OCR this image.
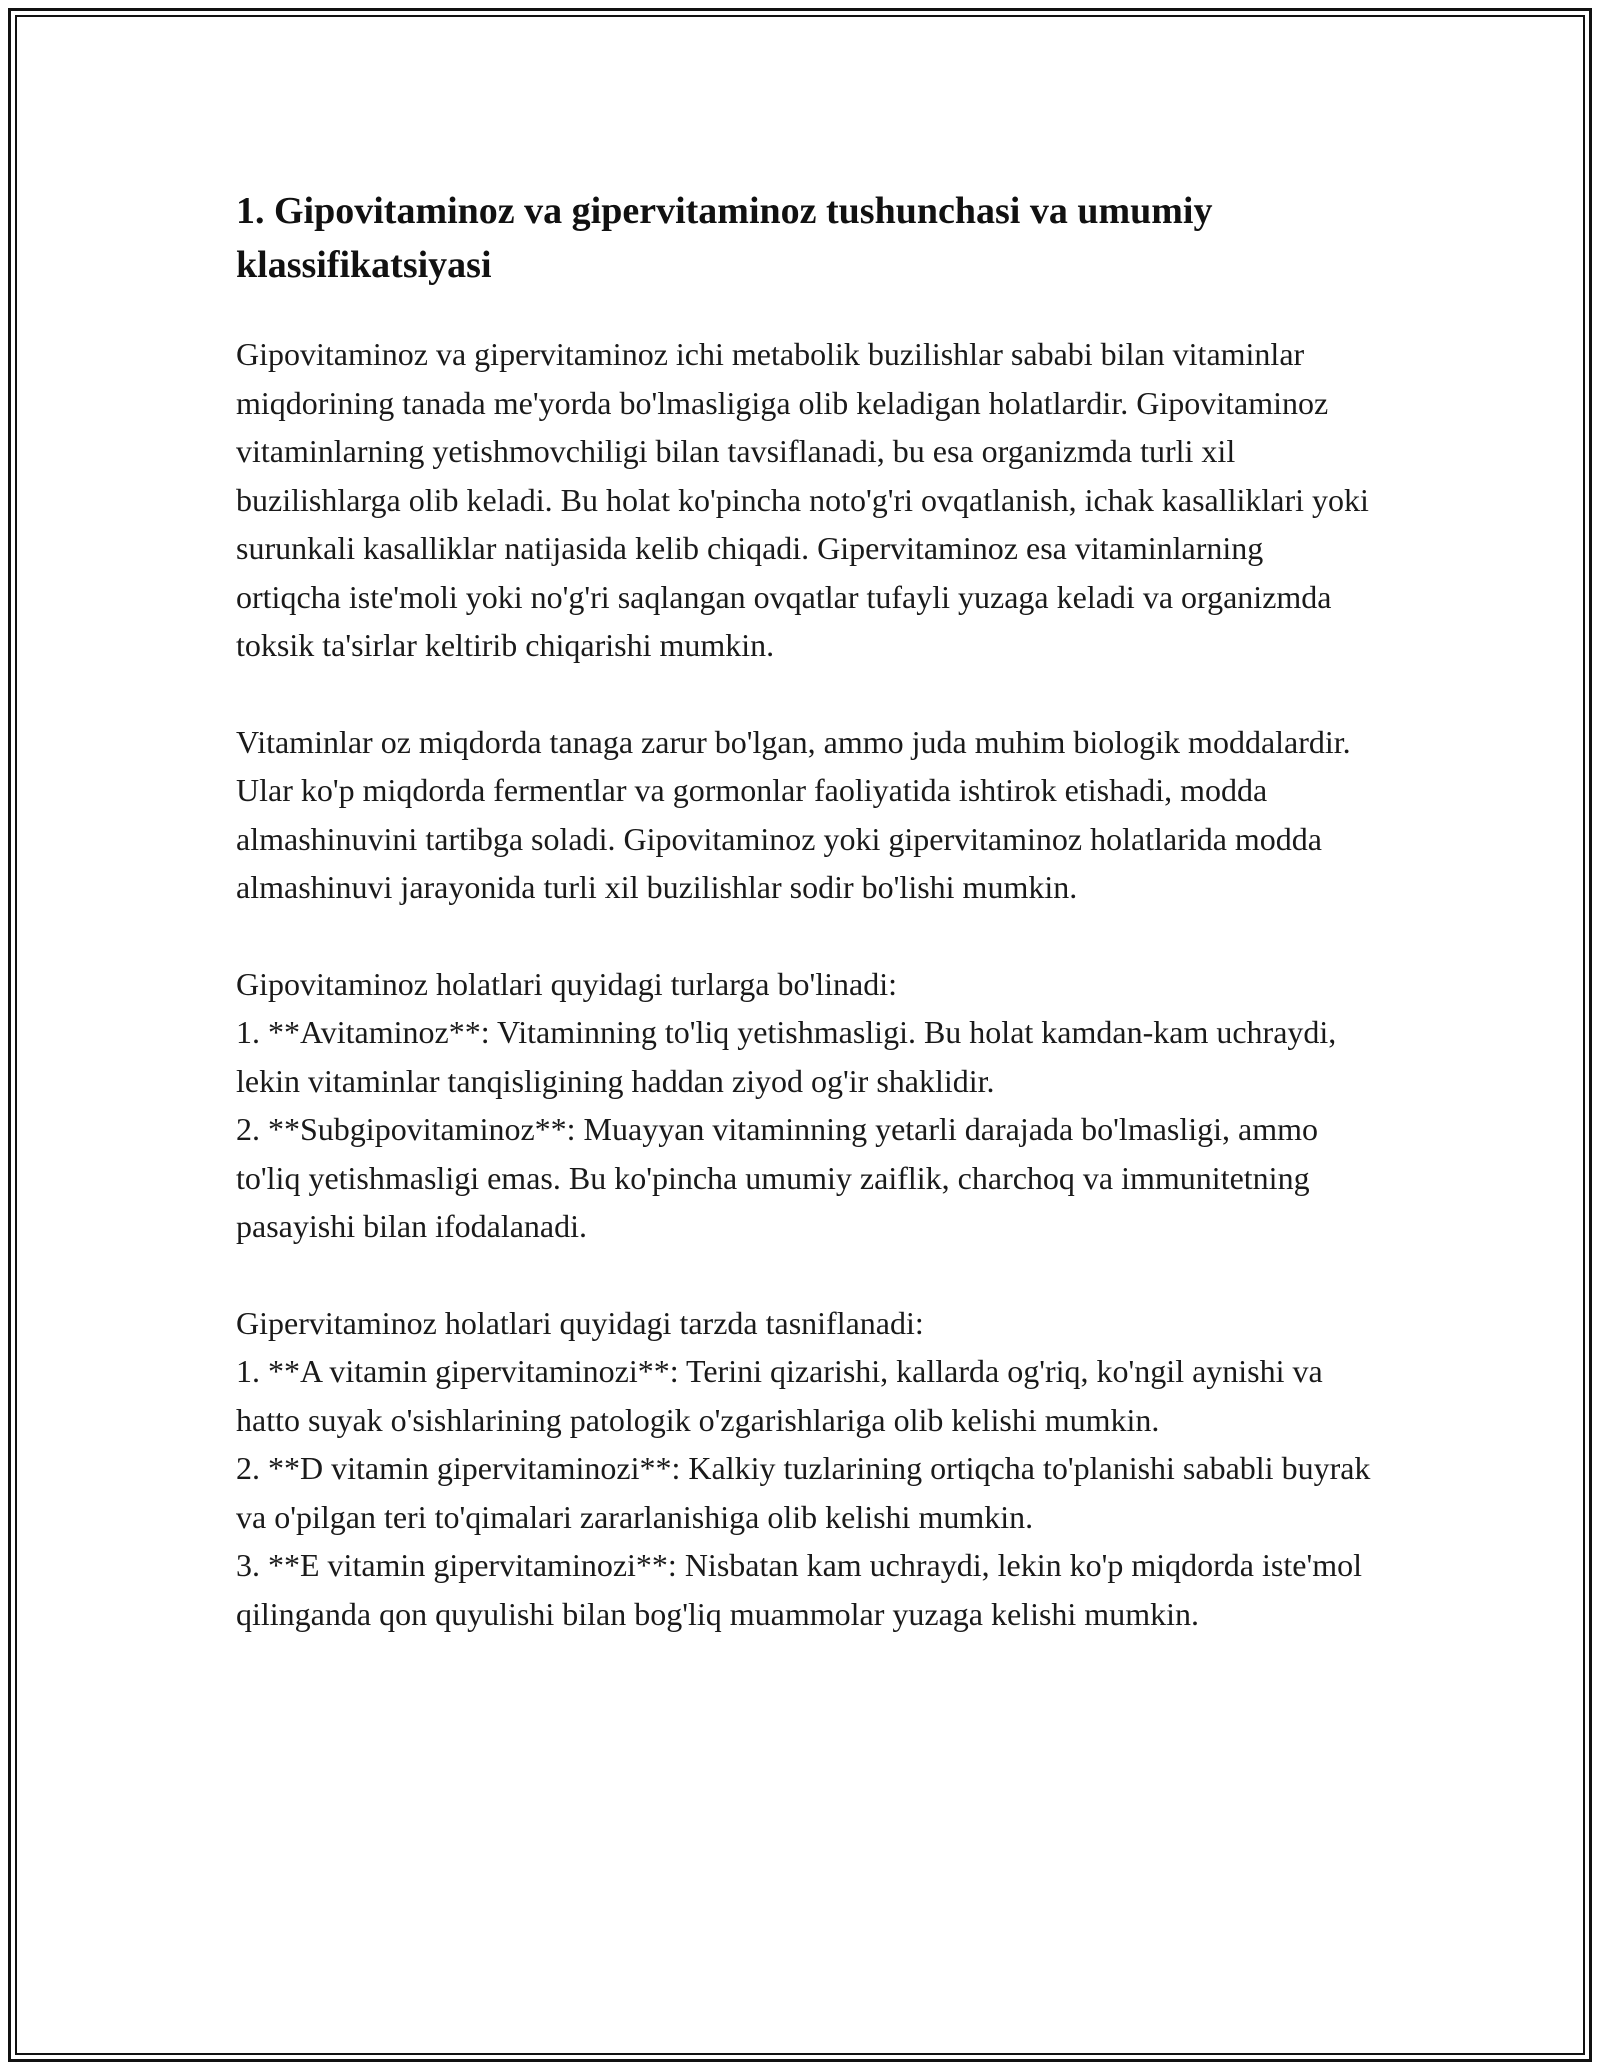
1. Gipovitaminoz va gipervitaminoz tushunchasi va umumiy klassifikatsiyasi

Gipovitaminoz va gipervitaminoz ichi metabolik buzilishlar sababi bilan vitaminlar miqdorining tanada me'yorda bo'lmasligiga olib keladigan holatlardir. Gipovitaminoz vitaminlarning yetishmovchiligi bilan tavsiflanadi, bu esa organizmda turli xil buzilishlarga olib keladi. Bu holat ko'pincha noto'g'ri ovqatlanish, ichak kasalliklari yoki surunkali kasalliklar natijasida kelib chiqadi. Gipervitaminoz esa vitaminlarning ortiqcha iste'moli yoki no'g'ri saqlangan ovqatlar tufayli yuzaga keladi va organizmda toksik ta'sirlar keltirib chiqarishi mumkin.

Vitaminlar oz miqdorda tanaga zarur bo'lgan, ammo juda muhim biologik moddalardir. Ular ko'p miqdorda fermentlar va gormonlar faoliyatida ishtirok etishadi, modda almashinuvini tartibga soladi. Gipovitaminoz yoki gipervitaminoz holatlarida modda almashinuvi jarayonida turli xil buzilishlar sodir bo'lishi mumkin.

Gipovitaminoz holatlari quyidagi turlarga bo'linadi:
1. **Avitaminoz**: Vitaminning to'liq yetishmasligi. Bu holat kamdan-kam uchraydi, lekin vitaminlar tanqisligining haddan ziyod og'ir shaklidir.
2. **Subgipovitaminoz**: Muayyan vitaminning yetarli darajada bo'lmasligi, ammo to'liq yetishmasligi emas. Bu ko'pincha umumiy zaiflik, charchoq va immunitetning pasayishi bilan ifodalanadi.

Gipervitaminoz holatlari quyidagi tarzda tasniflanadi:
1. **A vitamin gipervitaminozi**: Terini qizarishi, kallarda og'riq, ko'ngil aynishi va hatto suyak o'sishlarining patologik o'zgarishlariga olib kelishi mumkin.
2. **D vitamin gipervitaminozi**: Kalkiy tuzlarining ortiqcha to'planishi sababli buyrak va o'pilgan teri to'qimalari zararlanishiga olib kelishi mumkin.
3. **E vitamin gipervitaminozi**: Nisbatan kam uchraydi, lekin ko'p miqdorda iste'mol qilinganda qon quyulishi bilan bog'liq muammolar yuzaga kelishi mumkin.
